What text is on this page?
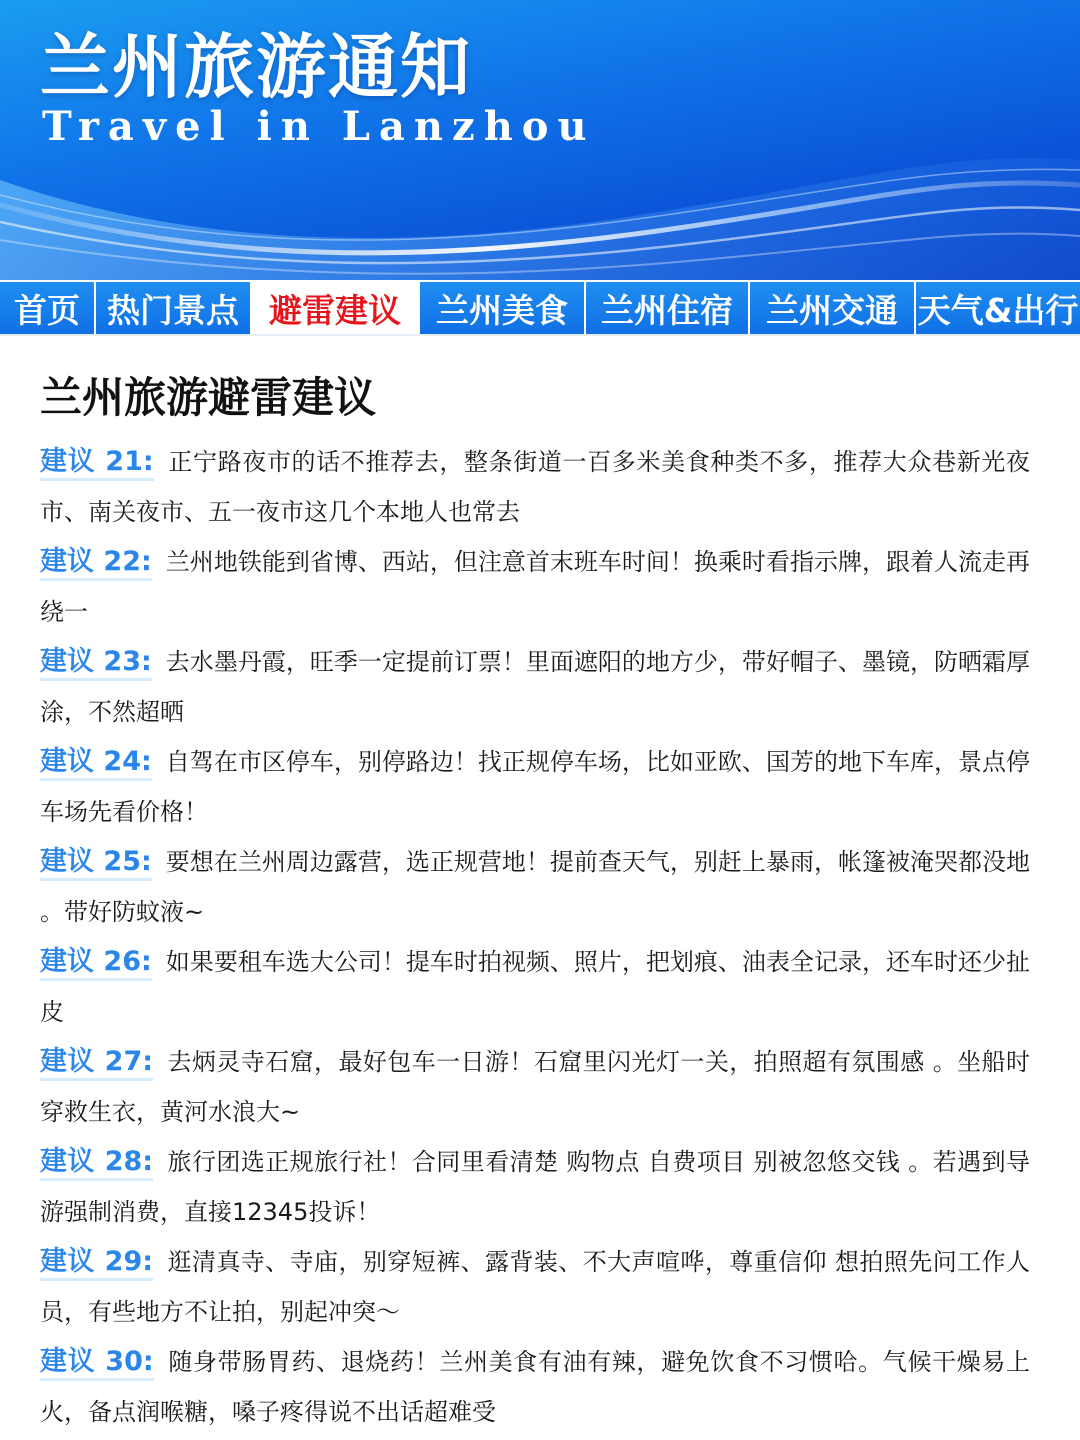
兰州旅游通知

Travel in Lanzhou

首页 热门景点 避雷建议	兰州美食	兰州住宿	兰州交通 天气&出行
兰州旅游避雷建议
建议 21: 正宁路夜市的话不推荐去，整条街道一百多米美食种类不多，推荐大众巷新光夜市、南关夜市、五一夜市这几个本地人也常去
建议 22: 兰州地铁能到省博、西站，但注意首末班车时间！换乘时看指示牌，跟着人流走再绕一
建议 23: 去水墨丹霞，旺季一定提前订票！里面遮阳的地方少，带好帽子、墨镜，防晒霜厚涂，不然超晒
建议 24: 自驾在市区停车，别停路边！找正规停车场，比如亚欧、国芳的地下车库，景点停车场先看价格！
建议 25: 要想在兰州周边露营，选正规营地！提前查天气，别赶上暴雨，帐篷被淹哭都没地 。带好防蚊液~
建议 26: 如果要租车选大公司！提车时拍视频、照片，把划痕、油表全记录，还车时还少扯皮
建议 27: 去炳灵寺石窟，最好包车一日游！石窟里闪光灯一关，拍照超有氛围感 。坐船时穿救生衣，黄河水浪大~
建议 28: 旅行团选正规旅行社！合同里看清楚 购物点 自费项目 别被忽悠交钱 。若遇到导游强制消费，直接12345投诉！
建议 29: 逛清真寺、寺庙，别穿短裤、露背装、不大声喧哗，尊重信仰 想拍照先问工作人员，有些地方不让拍，别起冲突～
建议 30: 随身带肠胃药、退烧药！兰州美食有油有辣，避免饮食不习惯哈。气候干燥易上火，备点润喉糖，嗓子疼得说不出话超难受
